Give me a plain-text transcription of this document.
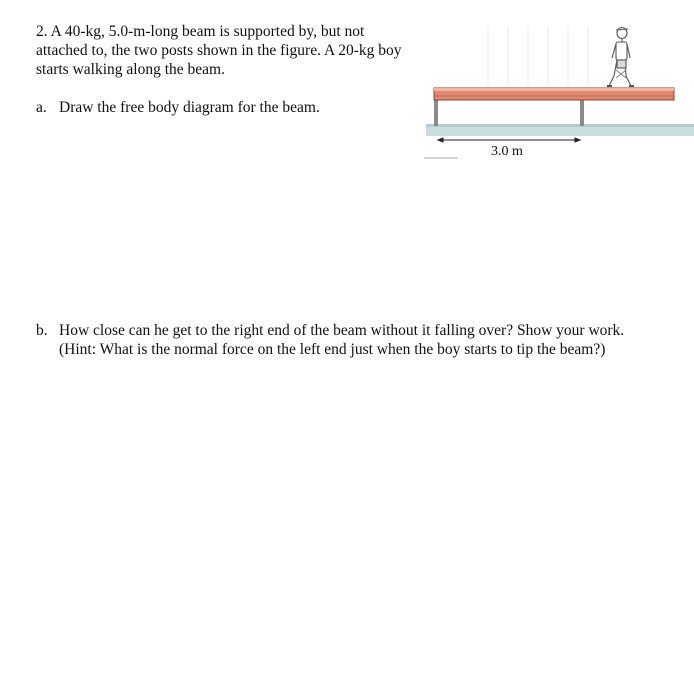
2. A 40-kg, 5.0-m-long beam is supported by, but not attached to, the two posts shown in the figure. A 20-kg boy starts walking along the beam.

a. Draw the free body diagram for the beam.
b. How close can he get to the right end of the beam without it falling over? Show your work. (Hint: What is the normal force on the left end just when the boy starts to tip the beam?)
3.0 m
